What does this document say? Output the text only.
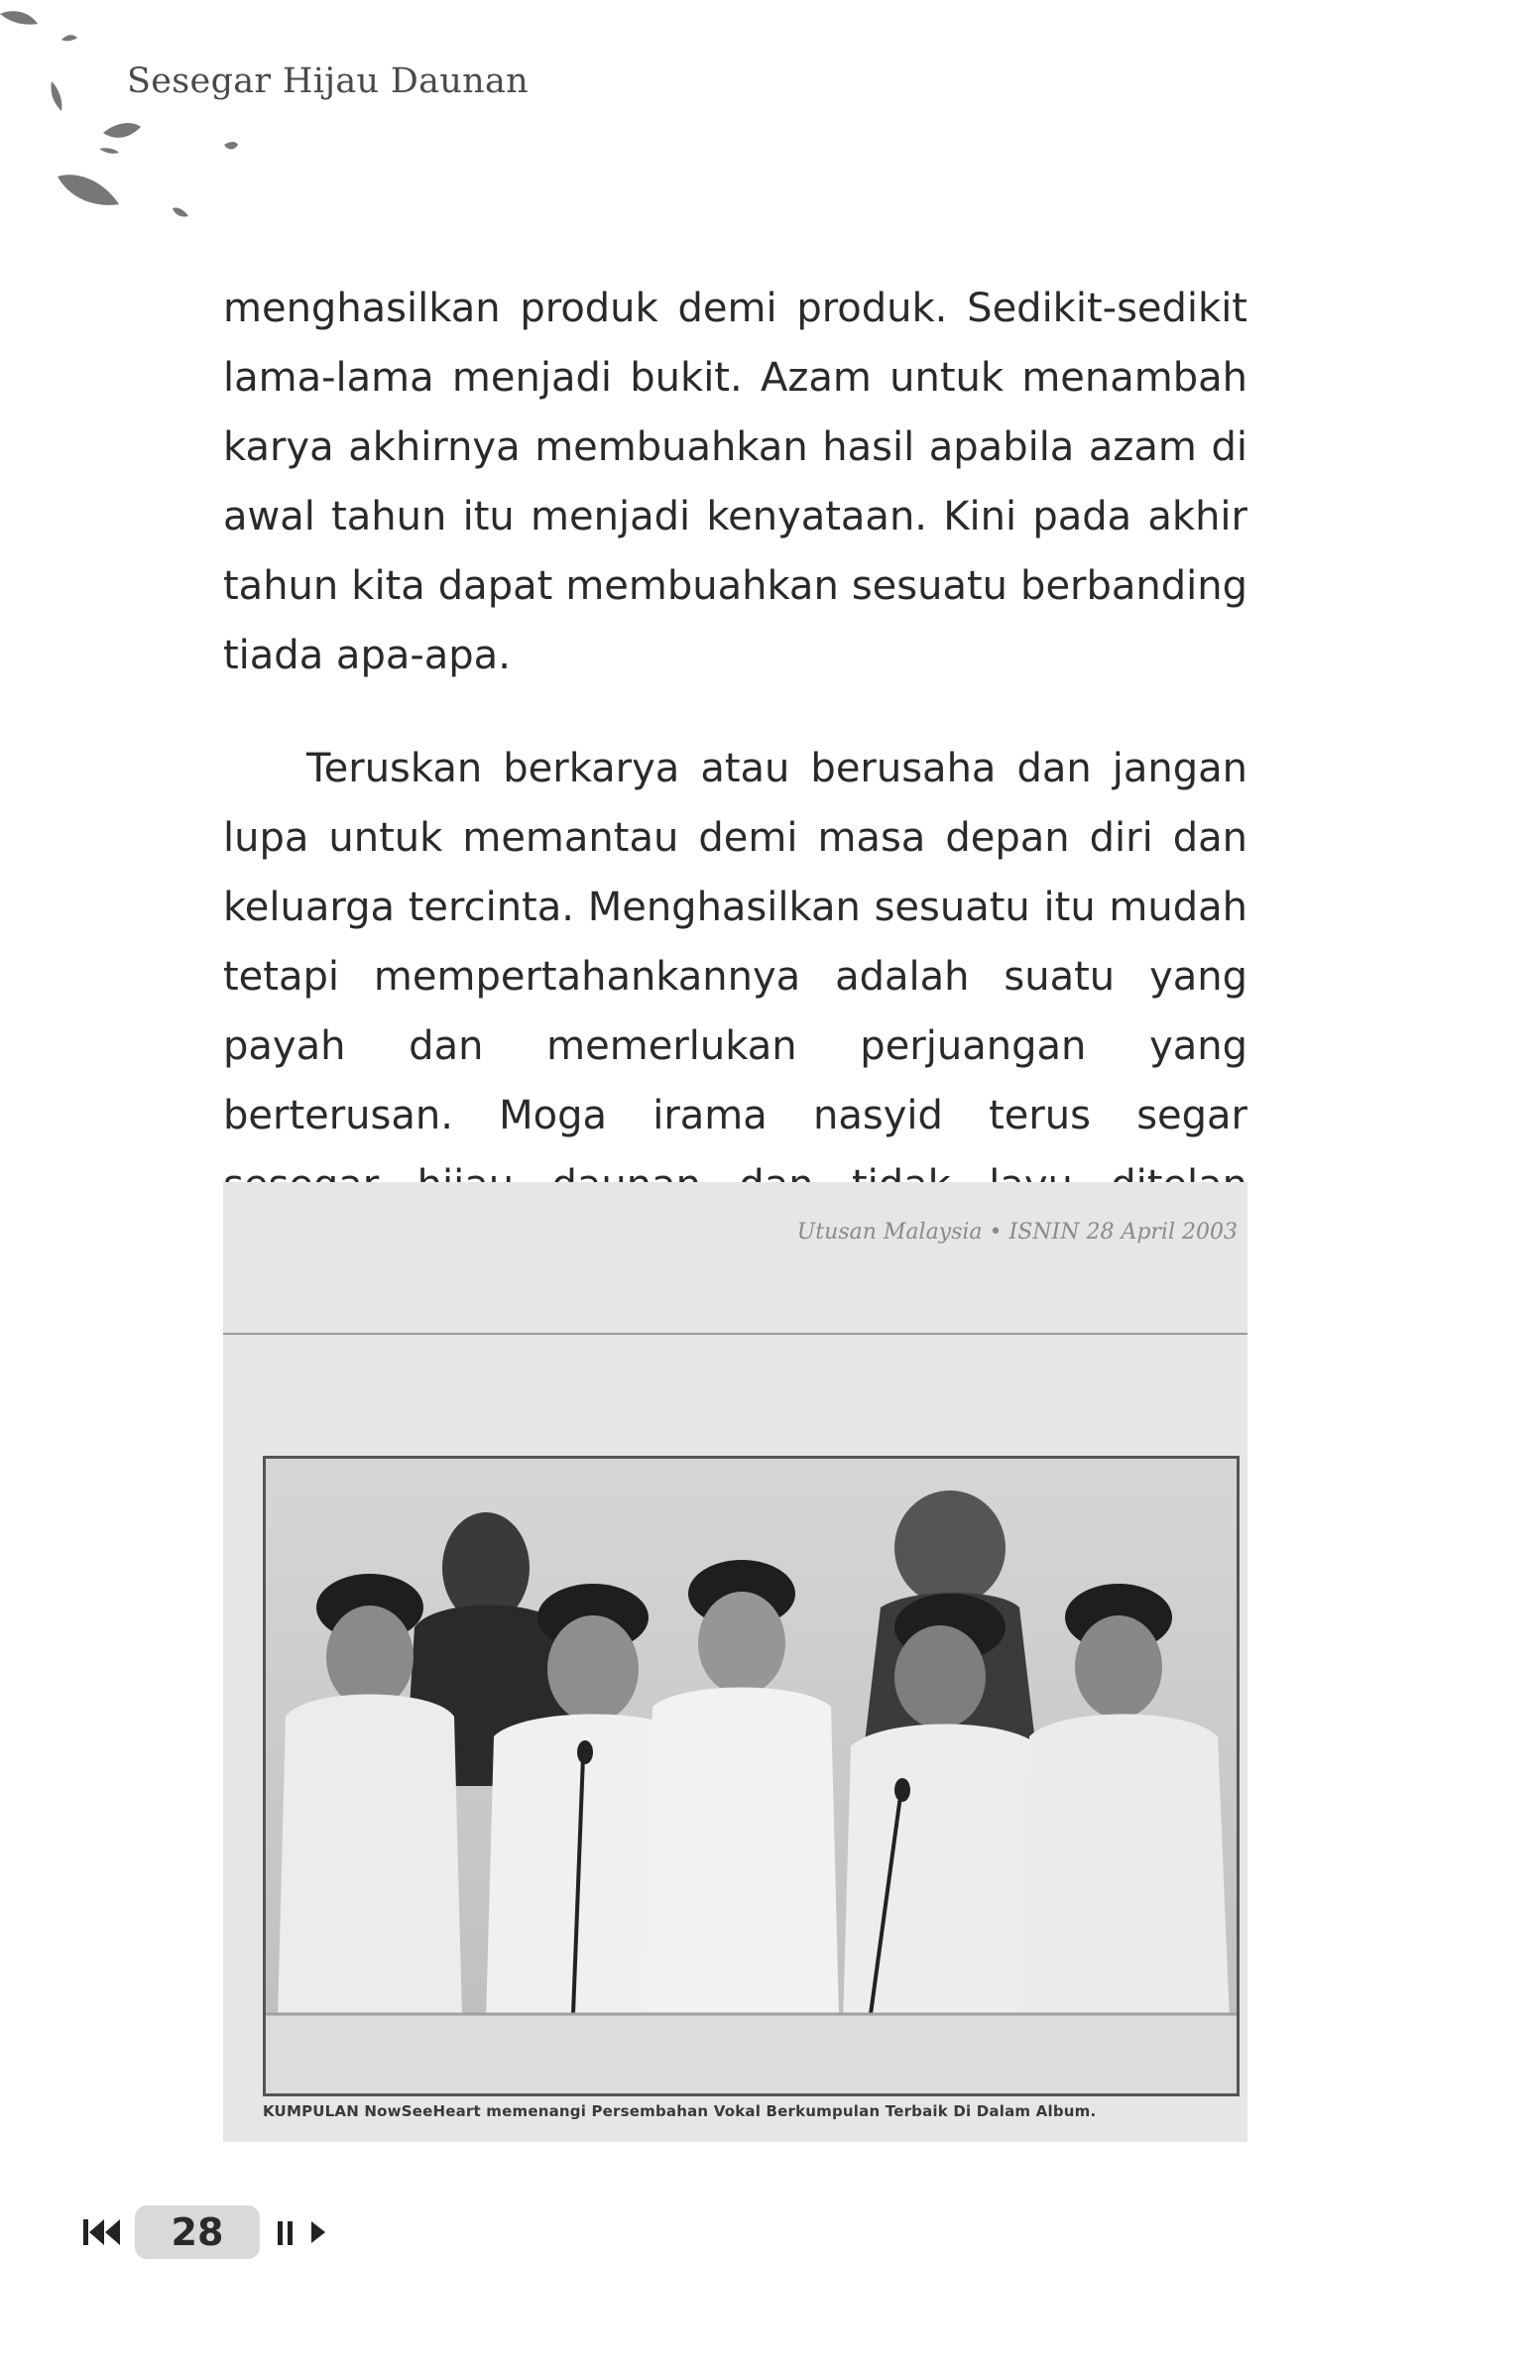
Sesegar Hijau Daunan

menghasilkan produk demi produk. Sedikit-sedikit lama-lama menjadi bukit. Azam untuk menambah karya akhirnya membuahkan hasil apabila azam di awal tahun itu menjadi kenyataan. Kini pada akhir tahun kita dapat membuahkan sesuatu berbanding tiada apa-apa.

Teruskan berkarya atau berusaha dan jangan lupa untuk memantau demi masa depan diri dan keluarga tercinta. Menghasilkan sesuatu itu mudah tetapi mempertahankannya adalah suatu yang payah dan memerlukan perjuangan yang berterusan. Moga irama nasyid terus segar

Utusan Malaysia • ISNIN 28 April 2003
KUMPULAN NowSeeHeart memenangi Persembahan Vokal Berkumpulan Terbaik Di Dalam Album.
28
